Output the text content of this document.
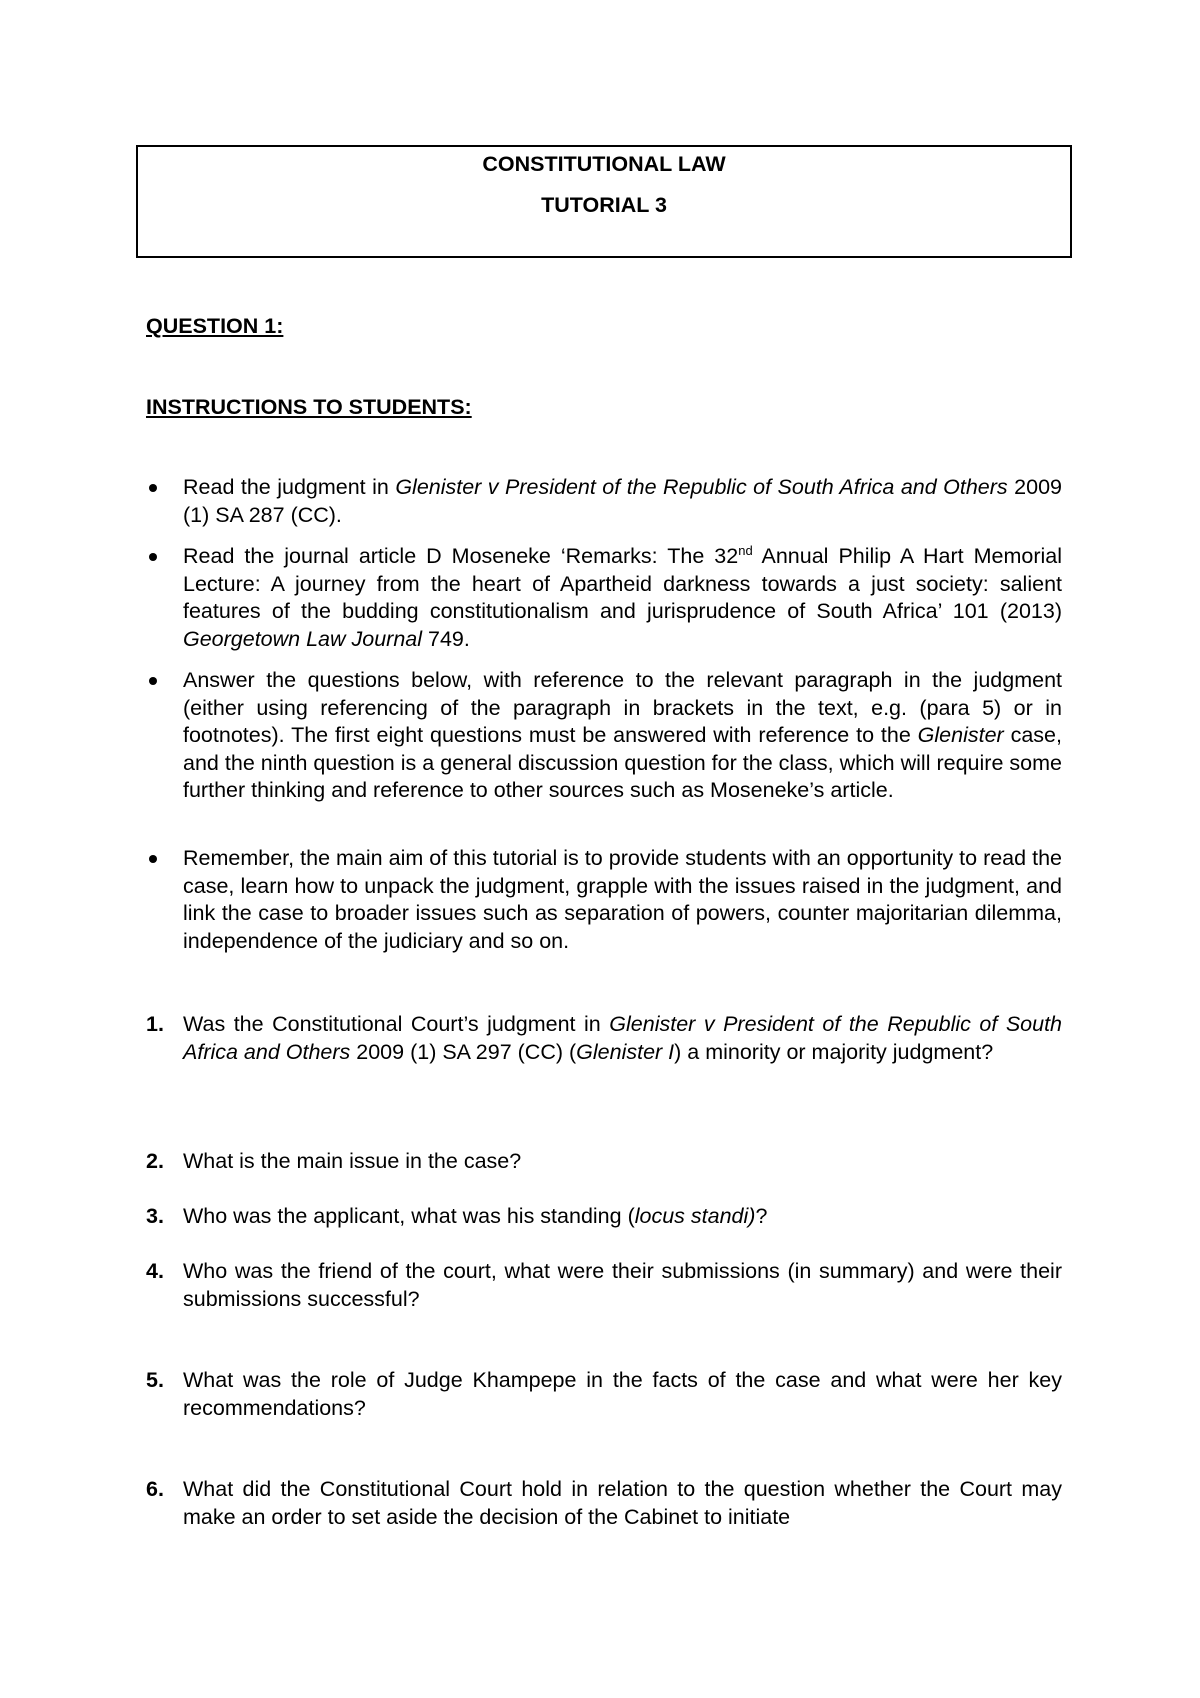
CONSTITUTIONAL LAW
TUTORIAL 3
QUESTION 1:
INSTRUCTIONS TO STUDENTS:
Read the judgment in Glenister v President of the Republic of South Africa and Others 2009 (1) SA 287 (CC).
Read the journal article D Moseneke ‘Remarks: The 32nd Annual Philip A Hart Memorial Lecture: A journey from the heart of Apartheid darkness towards a just society: salient features of the budding constitutionalism and jurisprudence of South Africa’ 101 (2013) Georgetown Law Journal 749.
Answer the questions below, with reference to the relevant paragraph in the judgment (either using referencing of the paragraph in brackets in the text, e.g. (para 5) or in footnotes). The first eight questions must be answered with reference to the Glenister case, and the ninth question is a general discussion question for the class, which will require some further thinking and reference to other sources such as Moseneke’s article.
Remember, the main aim of this tutorial is to provide students with an opportunity to read the case, learn how to unpack the judgment, grapple with the issues raised in the judgment, and link the case to broader issues such as separation of powers, counter majoritarian dilemma, independence of the judiciary and so on.
1. Was the Constitutional Court’s judgment in Glenister v President of the Republic of South Africa and Others 2009 (1) SA 297 (CC) (Glenister I) a minority or majority judgment?
2. What is the main issue in the case?
3. Who was the applicant, what was his standing (locus standi)?
4. Who was the friend of the court, what were their submissions (in summary) and were their submissions successful?
5. What was the role of Judge Khampepe in the facts of the case and what were her key recommendations?
6. What did the Constitutional Court hold in relation to the question whether the Court may make an order to set aside the decision of the Cabinet to initiate
